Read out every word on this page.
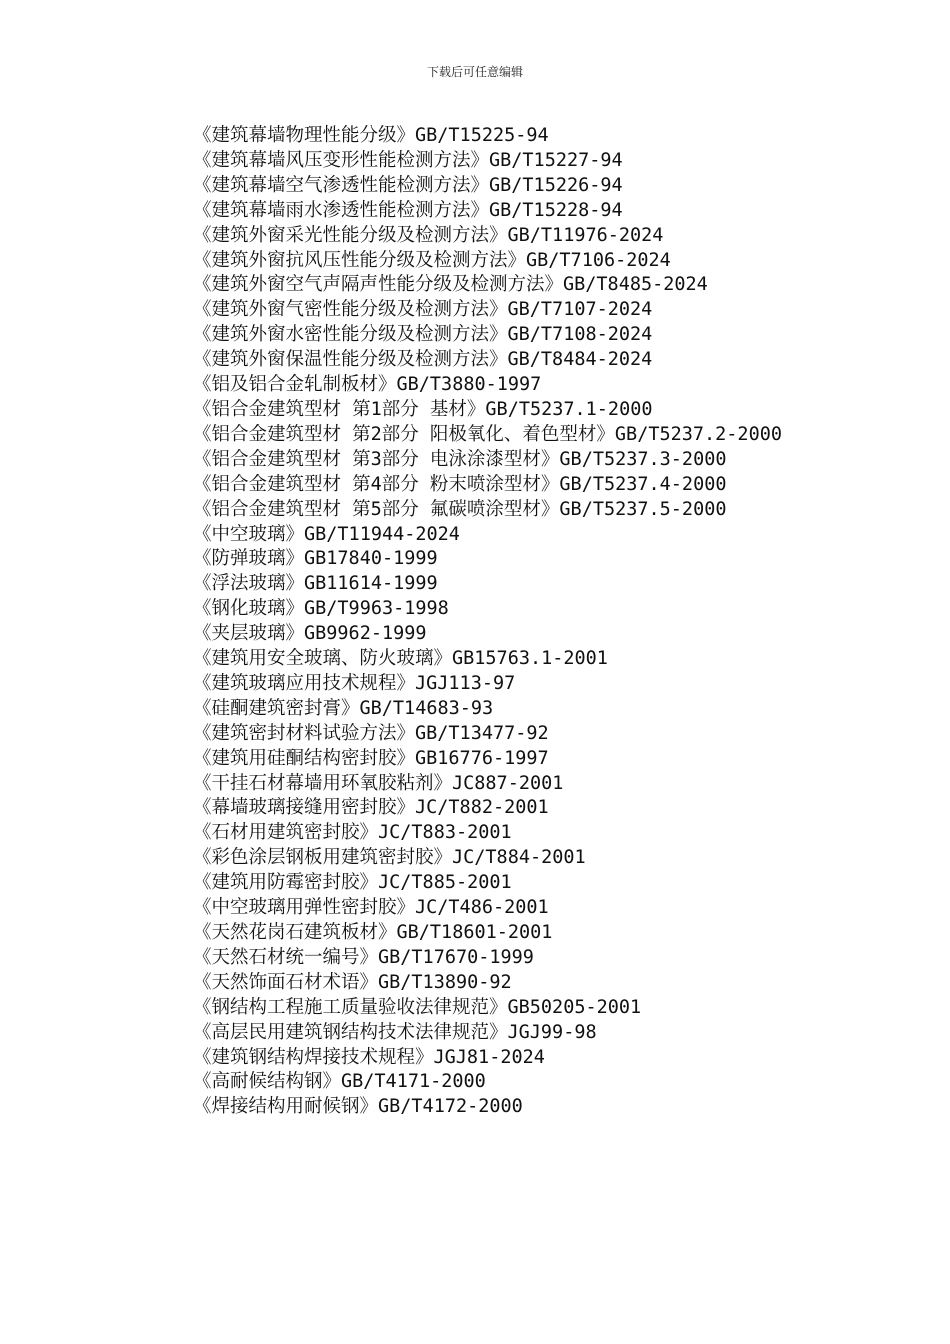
下载后可任意编辑

《建筑幕墙物理性能分级》GB/T15225-94

《建筑幕墙风压变形性能检测方法》GB/T15227-94

《建筑幕墙空气渗透性能检测方法》GB/T15226-94

《建筑幕墙雨水渗透性能检测方法》GB/T15228-94

《建筑外窗采光性能分级及检测方法》GB/T11976-2024

《建筑外窗抗风压性能分级及检测方法》GB/T7106-2024

《建筑外窗空气声隔声性能分级及检测方法》GB/T8485-2024

《建筑外窗气密性能分级及检测方法》GB/T7107-2024

《建筑外窗水密性能分级及检测方法》GB/T7108-2024

《建筑外窗保温性能分级及检测方法》GB/T8484-2024

《铝及铝合金轧制板材》GB/T3880-1997

《铝合金建筑型材 第1部分 基材》GB/T5237.1-2000

《铝合金建筑型材 第2部分 阳极氧化、着色型材》GB/T5237.2-2000

《铝合金建筑型材 第3部分 电泳涂漆型材》GB/T5237.3-2000

《铝合金建筑型材 第4部分 粉末喷涂型材》GB/T5237.4-2000

《铝合金建筑型材 第5部分 氟碳喷涂型材》GB/T5237.5-2000

《中空玻璃》GB/T11944-2024

《防弹玻璃》GB17840-1999

《浮法玻璃》GB11614-1999

《钢化玻璃》GB/T9963-1998

《夹层玻璃》GB9962-1999

《建筑用安全玻璃、防火玻璃》GB15763.1-2001

《建筑玻璃应用技术规程》JGJ113-97

《硅酮建筑密封膏》GB/T14683-93

《建筑密封材料试验方法》GB/T13477-92

《建筑用硅酮结构密封胶》GB16776-1997

《干挂石材幕墙用环氧胶粘剂》JC887-2001

《幕墙玻璃接缝用密封胶》JC/T882-2001

《石材用建筑密封胶》JC/T883-2001

《彩色涂层钢板用建筑密封胶》JC/T884-2001

《建筑用防霉密封胶》JC/T885-2001

《中空玻璃用弹性密封胶》JC/T486-2001

《天然花岗石建筑板材》GB/T18601-2001

《天然石材统一编号》GB/T17670-1999

《天然饰面石材术语》GB/T13890-92

《钢结构工程施工质量验收法律规范》GB50205-2001

《高层民用建筑钢结构技术法律规范》JGJ99-98

《建筑钢结构焊接技术规程》JGJ81-2024

《高耐候结构钢》GB/T4171-2000

《焊接结构用耐候钢》GB/T4172-2000
